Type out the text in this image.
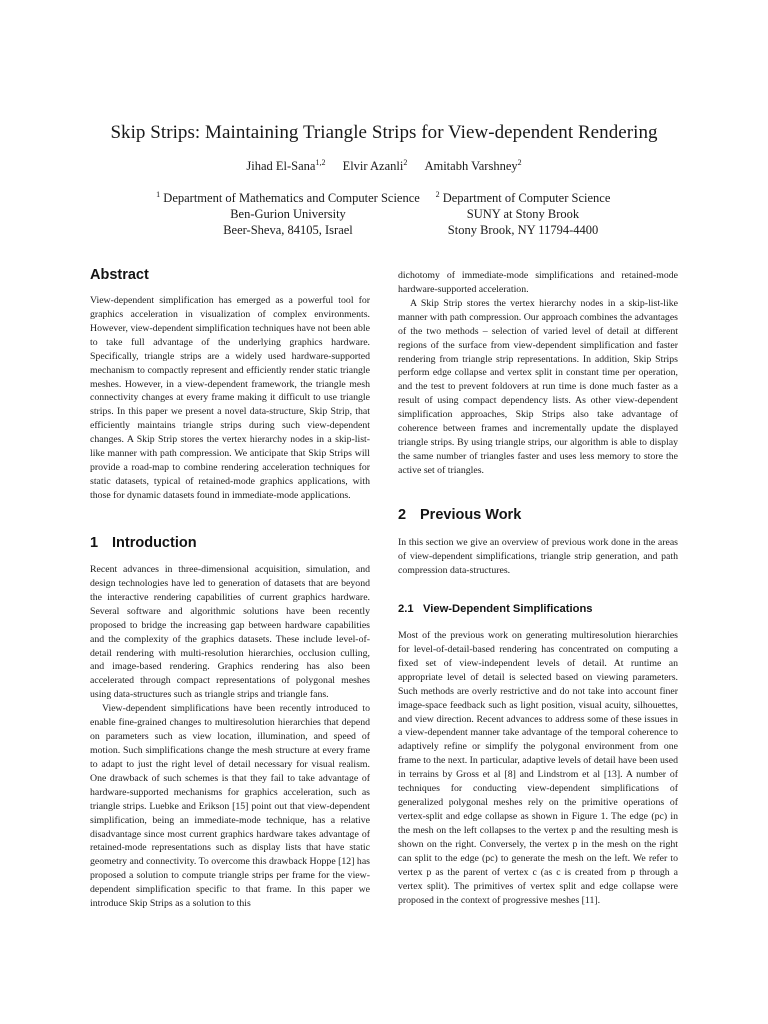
Skip Strips: Maintaining Triangle Strips for View-dependent Rendering
Jihad El-Sana$^{1,2}$ Elvir Azanli$^2$ Amitabh Varshney$^2$
$^1$ Department of Mathematics and Computer Science
Ben-Gurion University
Beer-Sheva, 84105, Israel
$^2$ Department of Computer Science
SUNY at Stony Brook
Stony Brook, NY 11794-4400
Abstract

View-dependent simplification has emerged as a powerful tool for graphics acceleration in visualization of complex environments. However, view-dependent simplification techniques have not been able to take full advantage of the underlying graphics hardware. Specifically, triangle strips are a widely used hardware-supported mechanism to compactly represent and efficiently render static triangle meshes. However, in a view-dependent framework, the triangle mesh connectivity changes at every frame making it difficult to use triangle strips. In this paper we present a novel data-structure, Skip Strip, that efficiently maintains triangle strips during such view-dependent changes. A Skip Strip stores the vertex hierarchy nodes in a skip-list-like manner with path compression. We anticipate that Skip Strips will provide a road-map to combine rendering acceleration techniques for static datasets, typical of retained-mode graphics applications, with those for dynamic datasets found in immediate-mode applications.

1 Introduction

Recent advances in three-dimensional acquisition, simulation, and design technologies have led to generation of datasets that are beyond the interactive rendering capabilities of current graphics hardware. Several software and algorithmic solutions have been recently proposed to bridge the increasing gap between hardware capabilities and the complexity of the graphics datasets. These include level-of-detail rendering with multi-resolution hierarchies, occlusion culling, and image-based rendering. Graphics rendering has also been accelerated through compact representations of polygonal meshes using data-structures such as triangle strips and triangle fans.

View-dependent simplifications have been recently introduced to enable fine-grained changes to multiresolution hierarchies that depend on parameters such as view location, illumination, and speed of motion. Such simplifications change the mesh structure at every frame to adapt to just the right level of detail necessary for visual realism. One drawback of such schemes is that they fail to take advantage of hardware-supported mechanisms for graphics acceleration, such as triangle strips. Luebke and Erikson [15] point out that view-dependent simplification, being an immediate-mode technique, has a relative disadvantage since most current graphics hardware takes advantage of retained-mode representations such as display lists that have static geometry and connectivity. To overcome this drawback Hoppe [12] has proposed a solution to compute triangle strips per frame for the view-dependent simplification specific to that frame. In this paper we introduce Skip Strips as a solution to this

dichotomy of immediate-mode simplifications and retained-mode hardware-supported acceleration.

A Skip Strip stores the vertex hierarchy nodes in a skip-list-like manner with path compression. Our approach combines the advantages of the two methods – selection of varied level of detail at different regions of the surface from view-dependent simplification and faster rendering from triangle strip representations. In addition, Skip Strips perform edge collapse and vertex split in constant time per operation, and the test to prevent foldovers at run time is done much faster as a result of using compact dependency lists. As other view-dependent simplification approaches, Skip Strips also take advantage of coherence between frames and incrementally update the displayed triangle strips. By using triangle strips, our algorithm is able to display the same number of triangles faster and uses less memory to store the active set of triangles.

2 Previous Work

In this section we give an overview of previous work done in the areas of view-dependent simplifications, triangle strip generation, and path compression data-structures.

2.1 View-Dependent Simplifications

Most of the previous work on generating multiresolution hierarchies for level-of-detail-based rendering has concentrated on computing a fixed set of view-independent levels of detail. At runtime an appropriate level of detail is selected based on viewing parameters. Such methods are overly restrictive and do not take into account finer image-space feedback such as light position, visual acuity, silhouettes, and view direction. Recent advances to address some of these issues in a view-dependent manner take advantage of the temporal coherence to adaptively refine or simplify the polygonal environment from one frame to the next. In particular, adaptive levels of detail have been used in terrains by Gross et al [8] and Lindstrom et al [13]. A number of techniques for conducting view-dependent simplifications of generalized polygonal meshes rely on the primitive operations of vertex-split and edge collapse as shown in Figure 1. The edge (pc) in the mesh on the left collapses to the vertex p and the resulting mesh is shown on the right. Conversely, the vertex p in the mesh on the right can split to the edge (pc) to generate the mesh on the left. We refer to vertex p as the parent of vertex c (as c is created from p through a vertex split). The primitives of vertex split and edge collapse were proposed in the context of progressive meshes [11].
